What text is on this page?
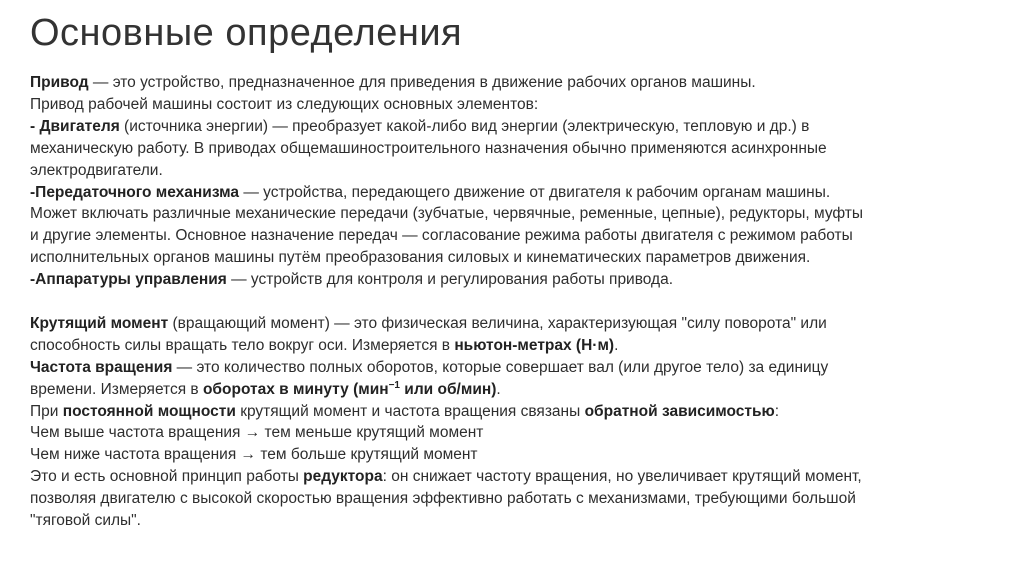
Основные определения
Привод — это устройство, предназначенное для приведения в движение рабочих органов машины.
Привод рабочей машины состоит из следующих основных элементов:
- Двигателя (источника энергии) — преобразует какой-либо вид энергии (электрическую, тепловую и др.) в
механическую работу. В приводах общемашиностроительного назначения обычно применяются асинхронные
электродвигатели.
-Передаточного механизма — устройства, передающего движение от двигателя к рабочим органам машины.
Может включать различные механические передачи (зубчатые, червячные, ременные, цепные), редукторы, муфты
и другие элементы. Основное назначение передач — согласование режима работы двигателя с режимом работы
исполнительных органов машины путём преобразования силовых и кинематических параметров движения.
-Аппаратуры управления — устройств для контроля и регулирования работы привода.
Крутящий момент (вращающий момент) — это физическая величина, характеризующая "силу поворота" или
способность силы вращать тело вокруг оси. Измеряется в ньютон-метрах (Н·м).
Частота вращения — это количество полных оборотов, которые совершает вал (или другое тело) за единицу
времени. Измеряется в оборотах в минуту (мин$^{-1}$ или об/мин).
При постоянной мощности крутящий момент и частота вращения связаны обратной зависимостью:
Чем выше частота вращения → тем меньше крутящий момент
Чем ниже частота вращения → тем больше крутящий момент
Это и есть основной принцип работы редуктора: он снижает частоту вращения, но увеличивает крутящий момент,
позволяя двигателю с высокой скоростью вращения эффективно работать с механизмами, требующими большой
"тяговой силы".
